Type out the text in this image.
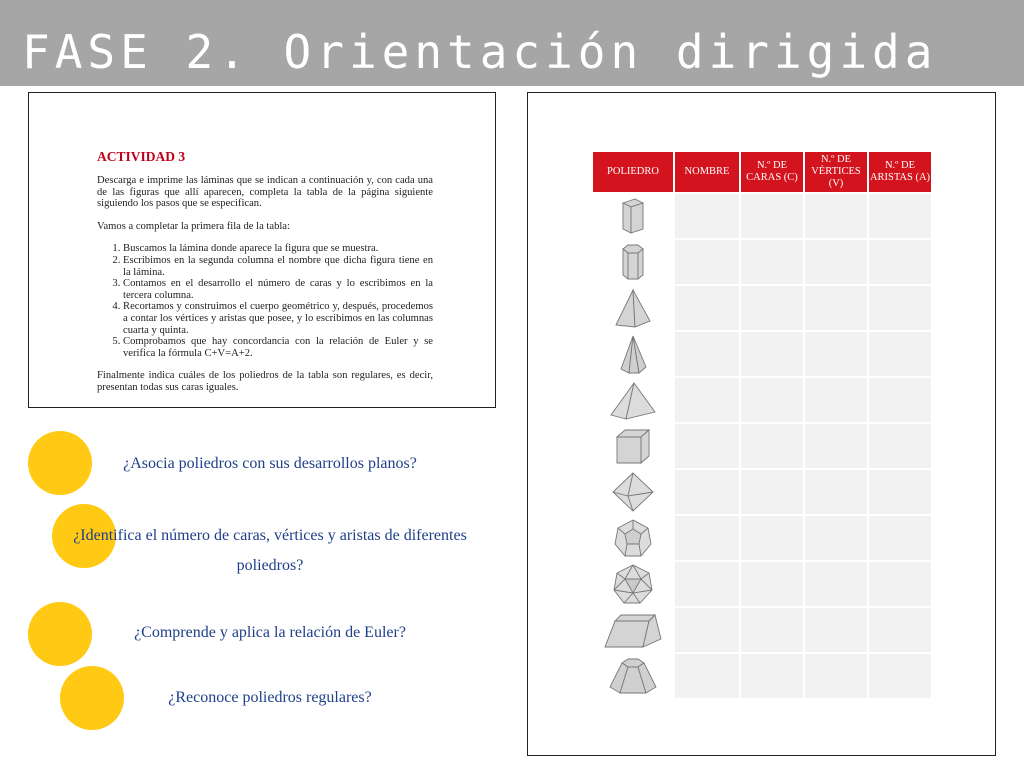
FASE 2. Orientación dirigida
ACTIVIDAD 3

Descarga e imprime las láminas que se indican a continuación y, con cada una de las figuras que allí aparecen, completa la tabla de la página siguiente siguiendo los pasos que se especifican.

Vamos a completar la primera fila de la tabla:

1. Buscamos la lámina donde aparece la figura que se muestra.
2. Escribimos en la segunda columna el nombre que dicha figura tiene en la lámina.
3. Contamos en el desarrollo el número de caras y lo escribimos en la tercera columna.
4. Recortamos y construimos el cuerpo geométrico y, después, procedemos a contar los vértices y aristas que posee, y lo escribimos en las columnas cuarta y quinta.
5. Comprobamos que hay concordancia con la relación de Euler y se verifica la fórmula C+V=A+2.

Finalmente indica cuáles de los poliedros de la tabla son regulares, es decir, presentan todas sus caras iguales.

¿Asocia poliedros con sus desarrollos planos?
¿Identifica el número de caras, vértices y aristas de diferentes poliedros?
¿Comprende y aplica la relación de Euler?
¿Reconoce poliedros regulares?
POLIEDRO	NOMBRE	N.º DE CARAS (C)	N.º DE VÉRTICES (V)	N.º DE ARISTAS (A)
